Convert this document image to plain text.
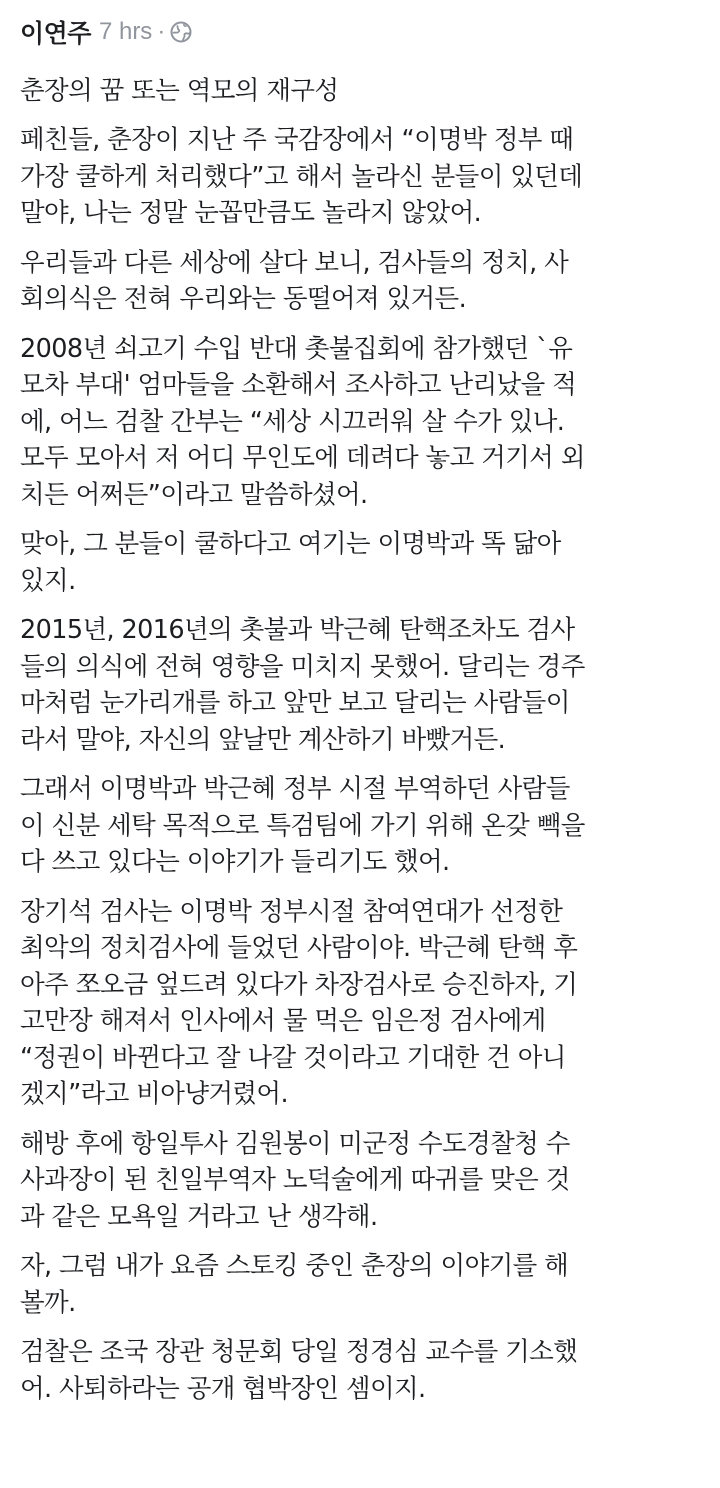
이연주 7 hrs ·
춘장의 꿈 또는 역모의 재구성
페친들, 춘장이 지난 주 국감장에서 “이명박 정부 때
가장 쿨하게 처리했다”고 해서 놀라신 분들이 있던데
말야, 나는 정말 눈꼽만큼도 놀라지 않았어.
우리들과 다른 세상에 살다 보니, 검사들의 정치, 사
회의식은 전혀 우리와는 동떨어져 있거든.
2008년 쇠고기 수입 반대 촛불집회에 참가했던 `유
모차 부대' 엄마들을 소환해서 조사하고 난리났을 적
에, 어느 검찰 간부는 “세상 시끄러워 살 수가 있나.
모두 모아서 저 어디 무인도에 데려다 놓고 거기서 외
치든 어쩌든”이라고 말씀하셨어.
맞아, 그 분들이 쿨하다고 여기는 이명박과 똑 닮아
있지.
2015년, 2016년의 촛불과 박근혜 탄핵조차도 검사
들의 의식에 전혀 영향을 미치지 못했어. 달리는 경주
마처럼 눈가리개를 하고 앞만 보고 달리는 사람들이
라서 말야, 자신의 앞날만 계산하기 바빴거든.
그래서 이명박과 박근혜 정부 시절 부역하던 사람들
이 신분 세탁 목적으로 특검팀에 가기 위해 온갖 빽을
다 쓰고 있다는 이야기가 들리기도 했어.
장기석 검사는 이명박 정부시절 참여연대가 선정한
최악의 정치검사에 들었던 사람이야. 박근혜 탄핵 후
아주 쪼오금 엎드려 있다가 차장검사로 승진하자, 기
고만장 해져서 인사에서 물 먹은 임은정 검사에게
“정권이 바뀐다고 잘 나갈 것이라고 기대한 건 아니
겠지”라고 비아냥거렸어.
해방 후에 항일투사 김원봉이 미군정 수도경찰청 수
사과장이 된 친일부역자 노덕술에게 따귀를 맞은 것
과 같은 모욕일 거라고 난 생각해.
자, 그럼 내가 요즘 스토킹 중인 춘장의 이야기를 해
볼까.
검찰은 조국 장관 청문회 당일 정경심 교수를 기소했
어. 사퇴하라는 공개 협박장인 셈이지.
